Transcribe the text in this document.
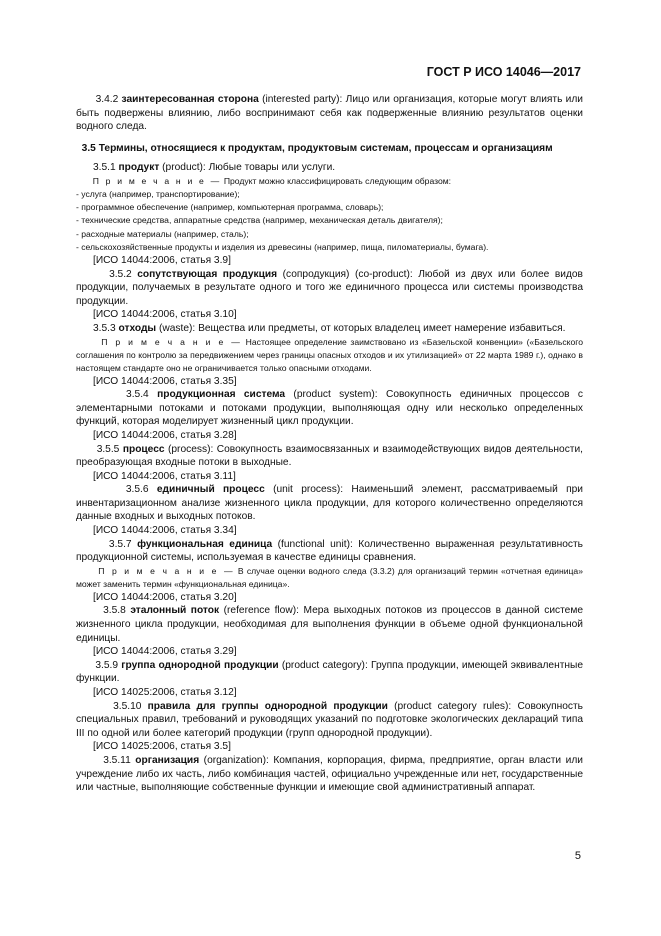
ГОСТ Р ИСО 14046—2017

3.4.2 заинтересованная сторона (interested party): Лицо или организация, которые могут влиять или быть подвержены влиянию, либо воспринимают себя как подверженные влиянию результатов оценки водного следа.

3.5 Термины, относящиеся к продуктам, продуктовым системам, процессам и организациям

3.5.1 продукт (product): Любые товары или услуги.

П р и м е ч а н и е — Продукт можно классифицировать следующим образом:

- услуга (например, транспортирование);

- программное обеспечение (например, компьютерная программа, словарь);

- технические средства, аппаратные средства (например, механическая деталь двигателя);

- расходные материалы (например, сталь);

- сельскохозяйственные продукты и изделия из древесины (например, пища, пиломатериалы, бумага).

[ИСО 14044:2006, статья 3.9]

3.5.2 сопутствующая продукция (сопродукция) (co-product): Любой из двух или более видов продукции, получаемых в результате одного и того же единичного процесса или системы производства продукции.

[ИСО 14044:2006, статья 3.10]

3.5.3 отходы (waste): Вещества или предметы, от которых владелец имеет намерение избавиться.

П р и м е ч а н и е — Настоящее определение заимствовано из «Базельской конвенции» («Базельского соглашения по контролю за передвижением через границы опасных отходов и их утилизацией» от 22 марта 1989 г.), однако в настоящем стандарте оно не ограничивается только опасными отходами.

[ИСО 14044:2006, статья 3.35]

3.5.4 продукционная система (product system): Совокупность единичных процессов с элементарными потоками и потоками продукции, выполняющая одну или несколько определенных функций, которая моделирует жизненный цикл продукции.

[ИСО 14044:2006, статья 3.28]

3.5.5 процесс (process): Совокупность взаимосвязанных и взаимодействующих видов деятельности, преобразующая входные потоки в выходные.

[ИСО 14044:2006, статья 3.11]

3.5.6 единичный процесс (unit process): Наименьший элемент, рассматриваемый при инвентаризационном анализе жизненного цикла продукции, для которого количественно определяются данные входных и выходных потоков.

[ИСО 14044:2006, статья 3.34]

3.5.7 функциональная единица (functional unit): Количественно выраженная результативность продукционной системы, используемая в качестве единицы сравнения.

П р и м е ч а н и е — В случае оценки водного следа (3.3.2) для организаций термин «отчетная единица» может заменить термин «функциональная единица».

[ИСО 14044:2006, статья 3.20]

3.5.8 эталонный поток (reference flow): Мера выходных потоков из процессов в данной системе жизненного цикла продукции, необходимая для выполнения функции в объеме одной функциональной единицы.

[ИСО 14044:2006, статья 3.29]

3.5.9 группа однородной продукции (product category): Группа продукции, имеющей эквивалентные функции.

[ИСО 14025:2006, статья 3.12]

3.5.10 правила для группы однородной продукции (product category rules): Совокупность специальных правил, требований и руководящих указаний по подготовке экологических деклараций типа III по одной или более категорий продукции (групп однородной продукции).

[ИСО 14025:2006, статья 3.5]

3.5.11 организация (organization): Компания, корпорация, фирма, предприятие, орган власти или учреждение либо их часть, либо комбинация частей, официально учрежденные или нет, государственные или частные, выполняющие собственные функции и имеющие свой административный аппарат.

5
